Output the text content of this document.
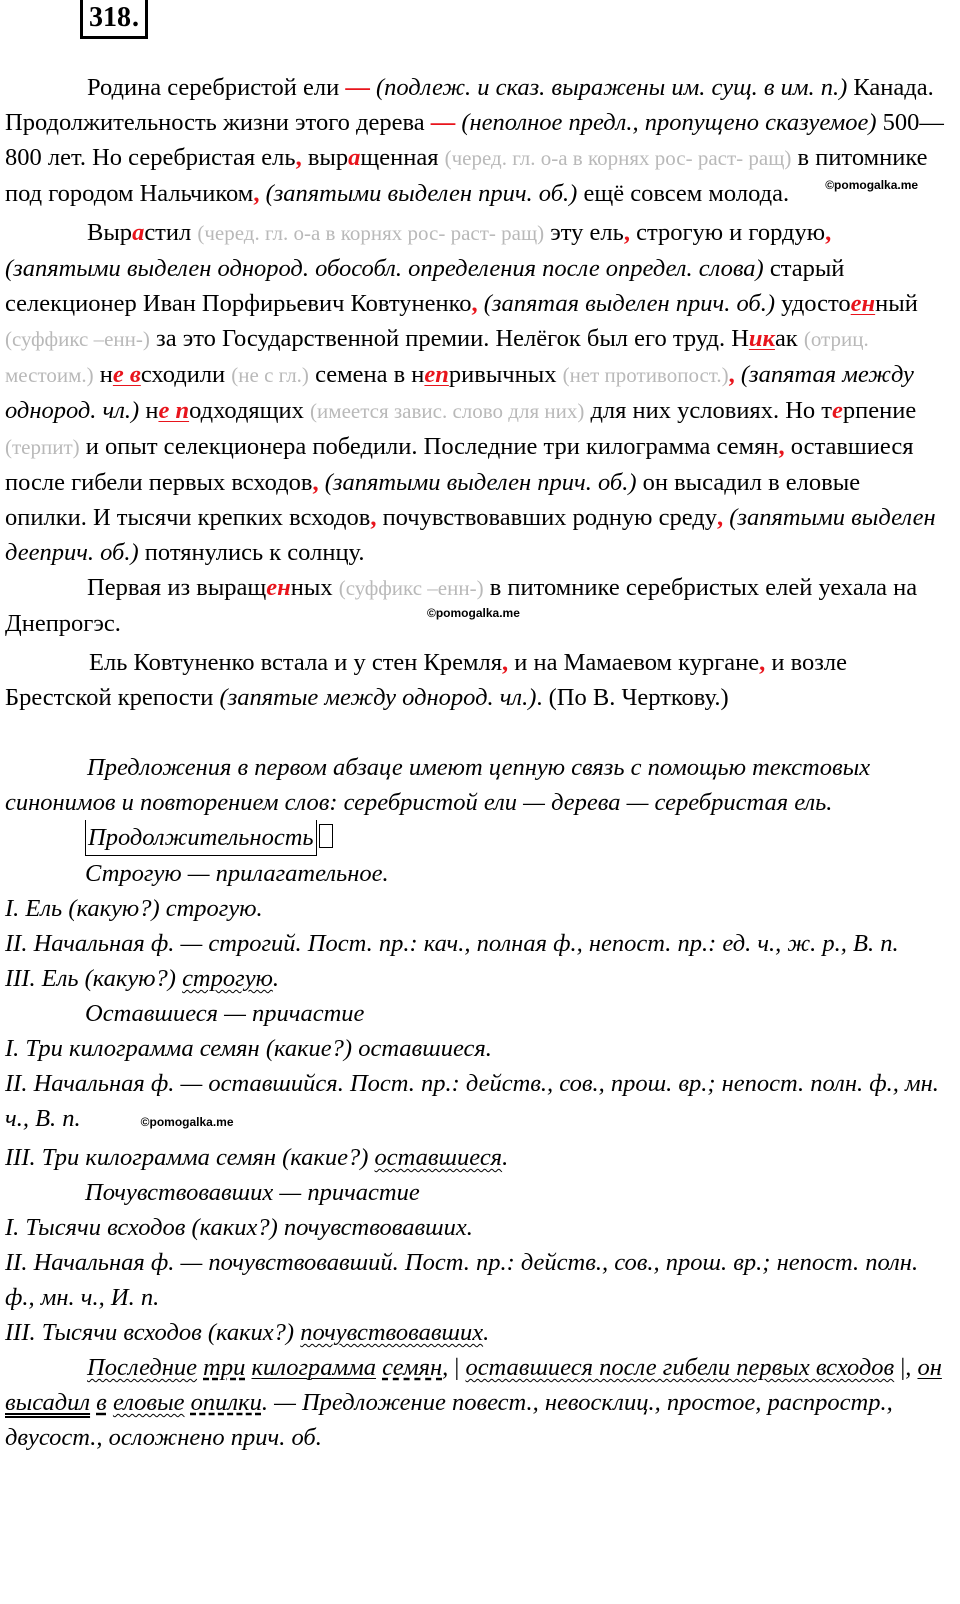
318.

Родина серебристой ели — (подлеж. и сказ. выражены им. сущ. в им. п.) Канада. Продолжительность жизни этого дерева — (неполное предл., пропущено сказуемое) 500—800 лет. Но серебристая ель, выращенная (черед. гл. о-а в корнях рос- раст- ращ) в питомнике под городом Нальчиком, (запятыми выделен прич. об.) ещё совсем молода.	$^{©pomogalka.me}$

Вырастил (черед. гл. о-а в корнях рос- раст- ращ) эту ель, строгую и гордую, (запятыми выделен однород. обособл. определения после определ. слова) старый селекционер Иван Порфирьевич Ковтуненко, (запятая выделен прич. об.) удостоенный (суффикс –енн-) за это Государственной премии. Нелёгок был его труд. Никак (отриц. местоим.) не всходили (не с гл.) семена в непривычных (нет противопост.), (запятая между однород. чл.) не подходящих (имеется завис. слово для них) для них условиях. Но терпение (терпит) и опыт селекционера победили. Последние три килограмма семян, оставшиеся после гибели первых всходов, (запятыми выделен прич. об.) он высадил в еловые опилки. И тысячи крепких всходов, почувствовавших родную среду, (запятыми выделен дееприч. об.) потянулись к солнцу.

Первая из выращенных (суффикс –енн-) в питомнике серебристых елей уехала на Днепрогэс.	$^{©pomogalka.me}$

Ель Ковтуненко встала и у стен Кремля, и на Мамаевом кургане, и возле Брестской крепости (запятые между однород. чл.). (По В. Черткову.)

Предложения в первом абзаце имеют цепную связь с помощью текстовых синонимов и повторением слов: серебристой ели — дерева — серебристая ель.

Продолжительность

Строгую — прилагательное.

I. Ель (какую?) строгую.

II. Начальная ф. — строгий. Пост. пр.: кач., полная ф., непост. пр.: ед. ч., ж. р., В. п.

III. Ель (какую?) строгую.

Оставшиеся — причастие

I. Три килограмма семян (какие?) оставшиеся.

II. Начальная ф. — оставшийся. Пост. пр.: действ., сов., прош. вр.; непост. полн. ф., мн. ч., В. п.	©pomogalka.me

III. Три килограмма семян (какие?) оставшиеся.

Почувствовавших — причастие

I. Тысячи всходов (каких?) почувствовавших.

II. Начальная ф. — почувствовавший. Пост. пр.: действ., сов., прош. вр.; непост. полн. ф., мн. ч., И. п.

III. Тысячи всходов (каких?) почувствовавших.

Последние три килограмма семян, | оставшиеся после гибели первых всходов |, он высадил в еловые опилки. — Предложение повест., невосклиц., простое, распростр., двусост., осложнено прич. об.
